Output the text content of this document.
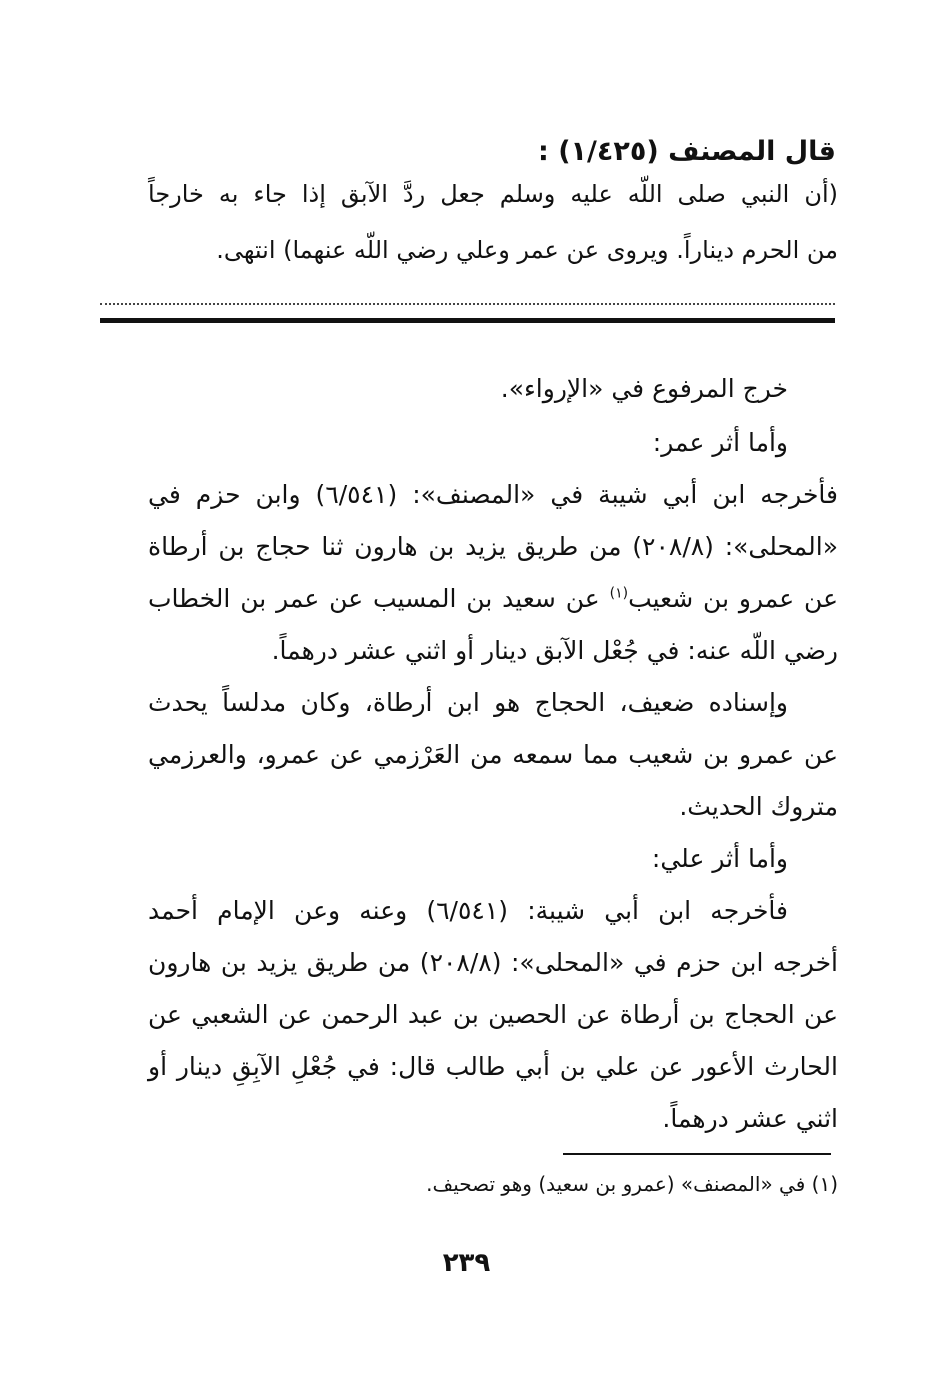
قال المصنف (١/٤٢٥) :
(أن النبي صلى اللّه عليه وسلم جعل ردَّ الآبق إذا جاء به خارجاً
من الحرم ديناراً. ويروى عن عمر وعلي رضي اللّه عنهما) انتهى.
خرج المرفوع في «الإرواء».
وأما أثر عمر:
فأخرجه ابن أبي شيبة في «المصنف»: (٦/٥٤١) وابن حزم في
«المحلى»: (٢٠٨/٨) من طريق يزيد بن هارون ثنا حجاج بن أرطاة
عن عمرو بن شعيب$^{(١)}$ عن سعيد بن المسيب عن عمر بن الخطاب
رضي اللّه عنه: في جُعْل الآبق دينار أو اثني عشر درهماً.
وإسناده ضعيف، الحجاج هو ابن أرطاة، وكان مدلساً يحدث
عن عمرو بن شعيب مما سمعه من العَرْزمي عن عمرو، والعرزمي
متروك الحديث.
وأما أثر علي:
فأخرجه ابن أبي شيبة: (٦/٥٤١) وعنه وعن الإمام أحمد
أخرجه ابن حزم في «المحلى»: (٢٠٨/٨) من طريق يزيد بن هارون
عن الحجاج بن أرطاة عن الحصين بن عبد الرحمن عن الشعبي عن
الحارث الأعور عن علي بن أبي طالب قال: في جُعْلِ الآبِقِ دينار أو
اثني عشر درهماً.
(١) في «المصنف» (عمرو بن سعيد) وهو تصحيف.
٢٣٩
